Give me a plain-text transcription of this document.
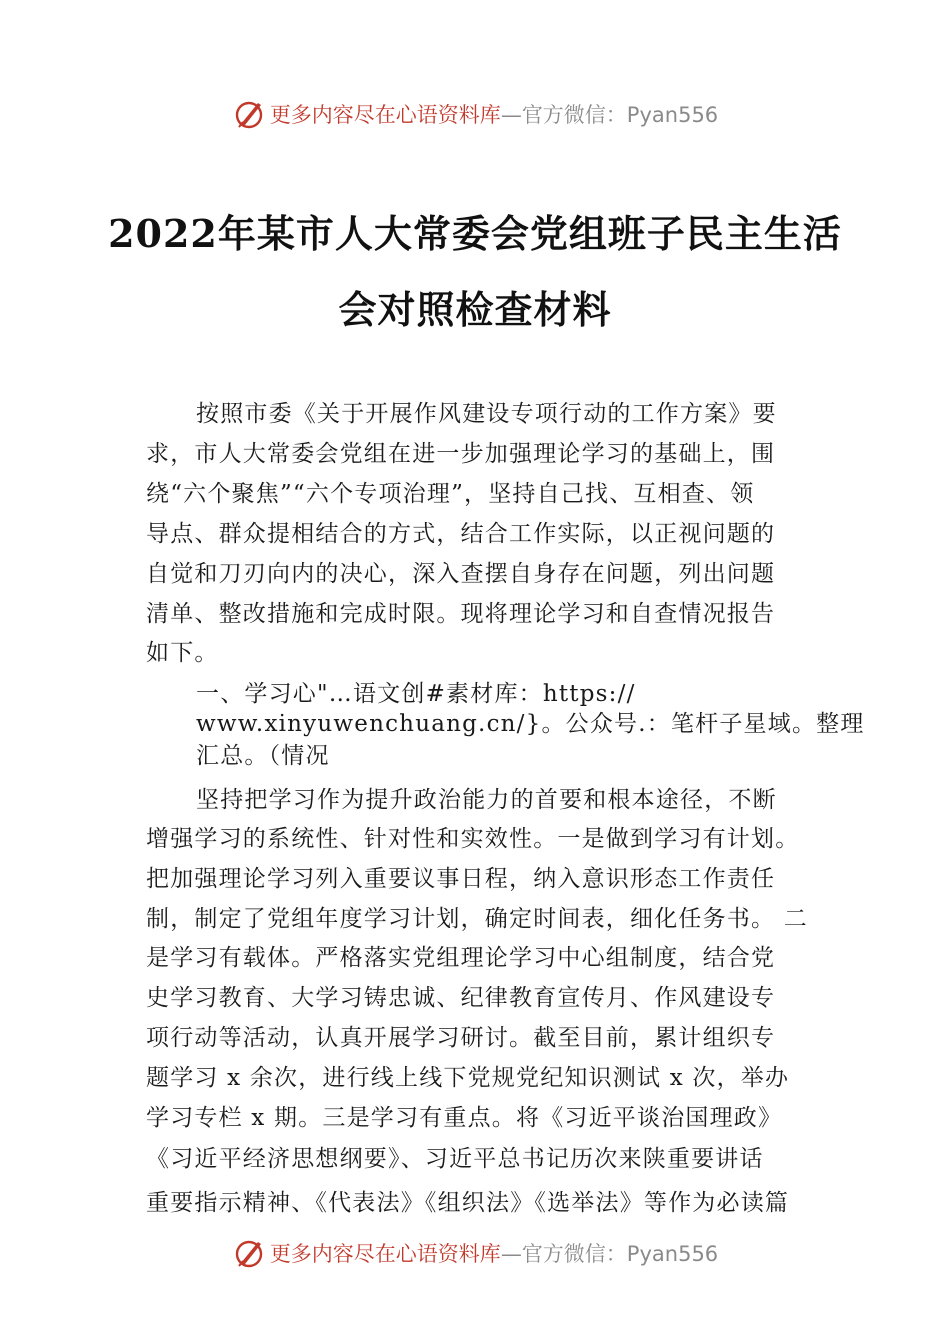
更多内容尽在心语资料库 —官方微信：Pyan556
2022年某市人大常委会党组班子民主生活
会对照检查材料
按照市委《关于开展作风建设专项行动的工作方案》要
求，市人大常委会党组在进一步加强理论学习的基础上，围
绕“六个聚焦”“六个专项治理”，坚持自己找、互相查、领
导点、群众提相结合的方式，结合工作实际，以正视问题的
自觉和刀刃向内的决心，深入查摆自身存在问题，列出问题
清单、整改措施和完成时限。现将理论学习和自查情况报告
如下。
一、学习心"…语文创#素材库：https://
www.xinyuwenchuang.cn/}。公众号.：笔杆子星域。整理
汇总。（情况
坚持把学习作为提升政治能力的首要和根本途径，不断
增强学习的系统性、针对性和实效性。一是做到学习有计划。
把加强理论学习列入重要议事日程，纳入意识形态工作责任
制，制定了党组年度学习计划，确定时间表，细化任务书。 二
是学习有载体。严格落实党组理论学习中心组制度，结合党
史学习教育、大学习铸忠诚、纪律教育宣传月、作风建设专
项行动等活动，认真开展学习研讨。截至目前，累计组织专
题学习 x 余次，进行线上线下党规党纪知识测试 x 次，举办
学习专栏 x 期。三是学习有重点。将《习近平谈治国理政》
《习近平经济思想纲要》、习近平总书记历次来陕重要讲话
重要指示精神、《代表法》《组织法》《选举法》等作为必读篇
更多内容尽在心语资料库 —官方微信：Pyan556
